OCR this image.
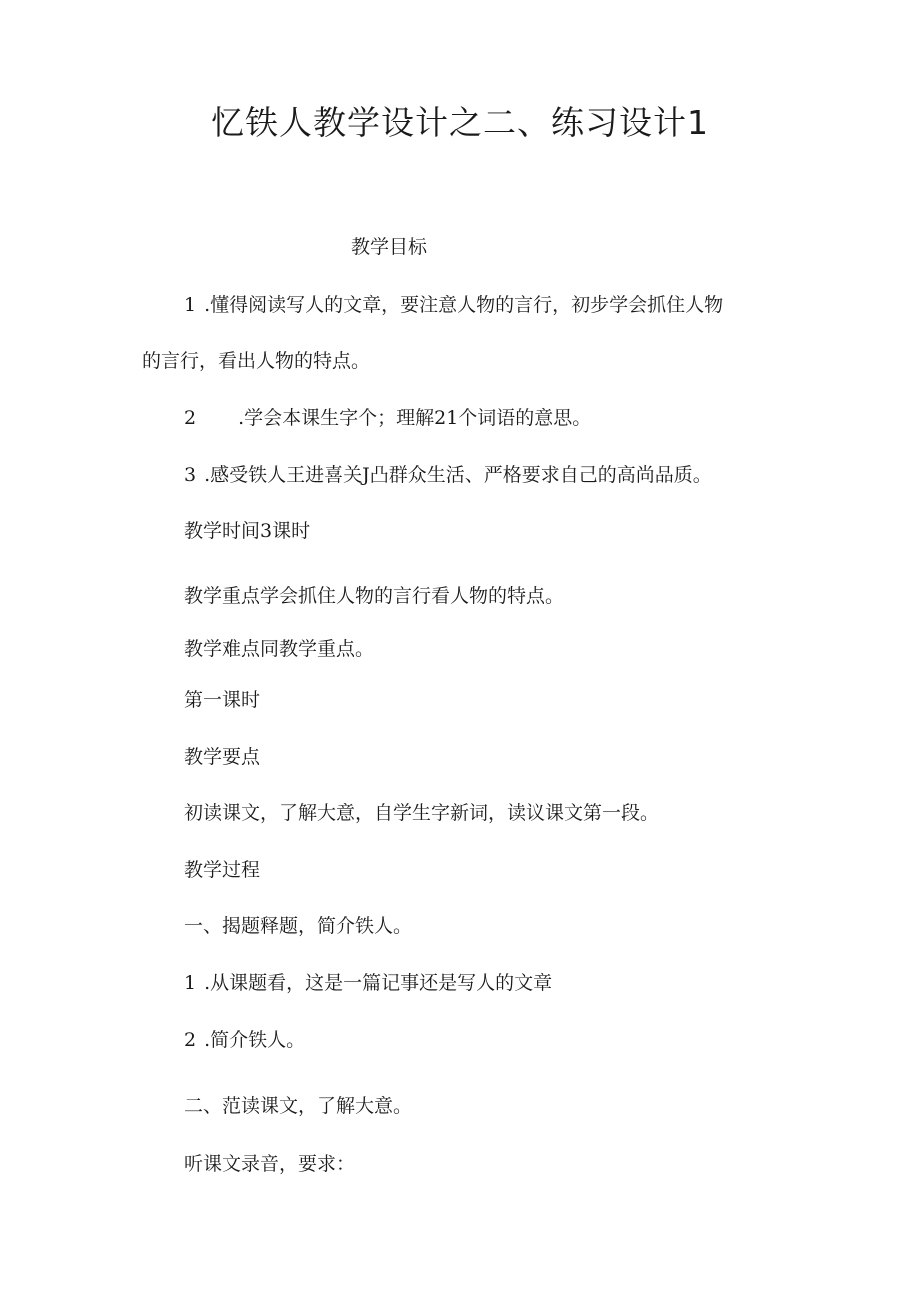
忆铁人教学设计之二、练习设计1

教学目标

1 .懂得阅读写人的文章，要注意人物的言行，初步学会抓住人物

的言行，看出人物的特点。

2 .学会本课生字个；理解21个词语的意思。

3 .感受铁人王进喜关J凸群众生活、严格要求自己的高尚品质。

教学时间3课时

教学重点学会抓住人物的言行看人物的特点。

教学难点同教学重点。

第一课时

教学要点

初读课文，了解大意，自学生字新词，读议课文第一段。

教学过程

一、揭题释题，简介铁人。

1 .从课题看，这是一篇记事还是写人的文章

2 .简介铁人。

二、范读课文，了解大意。

听课文录音，要求：
